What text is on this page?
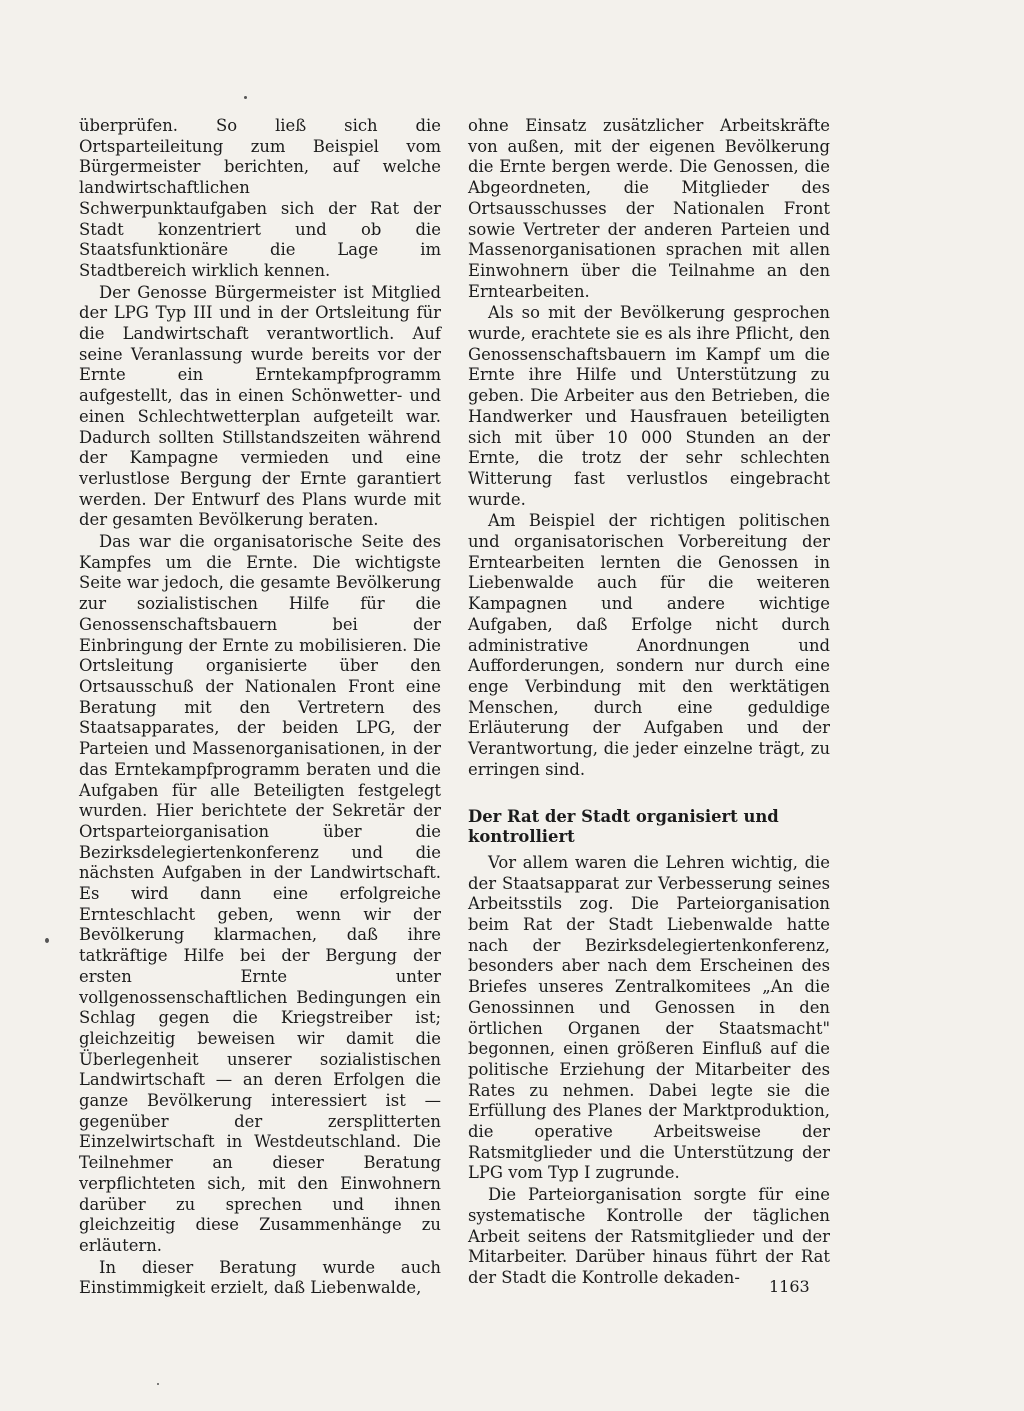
überprüfen. So ließ sich die Ortsparteileitung zum Beispiel vom Bürgermeister berichten, auf welche landwirtschaftlichen Schwerpunktaufgaben sich der Rat der Stadt konzentriert und ob die Staatsfunktionäre die Lage im Stadtbereich wirklich kennen.

Der Genosse Bürgermeister ist Mitglied der LPG Typ III und in der Ortsleitung für die Landwirtschaft verantwortlich. Auf seine Veranlassung wurde bereits vor der Ernte ein Erntekampfprogramm aufgestellt, das in einen Schönwetter- und einen Schlechtwetterplan aufgeteilt war. Dadurch sollten Stillstandszeiten während der Kampagne vermieden und eine verlustlose Bergung der Ernte garantiert werden. Der Entwurf des Plans wurde mit der gesamten Bevölkerung beraten.

Das war die organisatorische Seite des Kampfes um die Ernte. Die wichtigste Seite war jedoch, die gesamte Bevölkerung zur sozialistischen Hilfe für die Genossenschaftsbauern bei der Einbringung der Ernte zu mobilisieren. Die Ortsleitung organisierte über den Ortsausschuß der Nationalen Front eine Beratung mit den Vertretern des Staatsapparates, der beiden LPG, der Parteien und Massenorganisationen, in der das Erntekampfprogramm beraten und die Aufgaben für alle Beteiligten festgelegt wurden. Hier berichtete der Sekretär der Ortsparteiorganisation über die Bezirksdelegiertenkonferenz und die nächsten Aufgaben in der Landwirtschaft. Es wird dann eine erfolgreiche Ernteschlacht geben, wenn wir der Bevölkerung klarmachen, daß ihre tatkräftige Hilfe bei der Bergung der ersten Ernte unter vollgenossenschaftlichen Bedingungen ein Schlag gegen die Kriegstreiber ist; gleichzeitig beweisen wir damit die Überlegenheit unserer sozialistischen Landwirtschaft — an deren Erfolgen die ganze Bevölkerung interessiert ist — gegenüber der zersplitterten Einzelwirtschaft in Westdeutschland. Die Teilnehmer an dieser Beratung verpflichteten sich, mit den Einwohnern darüber zu sprechen und ihnen gleichzeitig diese Zusammenhänge zu erläutern.

In dieser Beratung wurde auch Einstimmigkeit erzielt, daß Liebenwalde,

ohne Einsatz zusätzlicher Arbeitskräfte von außen, mit der eigenen Bevölkerung die Ernte bergen werde. Die Genossen, die Abgeordneten, die Mitglieder des Ortsausschusses der Nationalen Front sowie Vertreter der anderen Parteien und Massenorganisationen sprachen mit allen Einwohnern über die Teilnahme an den Erntearbeiten.

Als so mit der Bevölkerung gesprochen wurde, erachtete sie es als ihre Pflicht, den Genossenschaftsbauern im Kampf um die Ernte ihre Hilfe und Unterstützung zu geben. Die Arbeiter aus den Betrieben, die Handwerker und Hausfrauen beteiligten sich mit über 10 000 Stunden an der Ernte, die trotz der sehr schlechten Witterung fast verlustlos eingebracht wurde.

Am Beispiel der richtigen politischen und organisatorischen Vorbereitung der Erntearbeiten lernten die Genossen in Liebenwalde auch für die weiteren Kampagnen und andere wichtige Aufgaben, daß Erfolge nicht durch administrative Anordnungen und Aufforderungen, sondern nur durch eine enge Verbindung mit den werktätigen Menschen, durch eine geduldige Erläuterung der Aufgaben und der Verantwortung, die jeder einzelne trägt, zu erringen sind.

Der Rat der Stadt organisiert und kontrolliert

Vor allem waren die Lehren wichtig, die der Staatsapparat zur Verbesserung seines Arbeitsstils zog. Die Parteiorganisation beim Rat der Stadt Liebenwalde hatte nach der Bezirksdelegiertenkonferenz, besonders aber nach dem Erscheinen des Briefes unseres Zentralkomitees „An die Genossinnen und Genossen in den örtlichen Organen der Staatsmacht" begonnen, einen größeren Einfluß auf die politische Erziehung der Mitarbeiter des Rates zu nehmen. Dabei legte sie die Erfüllung des Planes der Marktproduktion, die operative Arbeitsweise der Ratsmitglieder und die Unterstützung der LPG vom Typ I zugrunde.

Die Parteiorganisation sorgte für eine systematische Kontrolle der täglichen Arbeit seitens der Ratsmitglieder und der Mitarbeiter. Darüber hinaus führt der Rat der Stadt die Kontrolle dekaden-	1163
